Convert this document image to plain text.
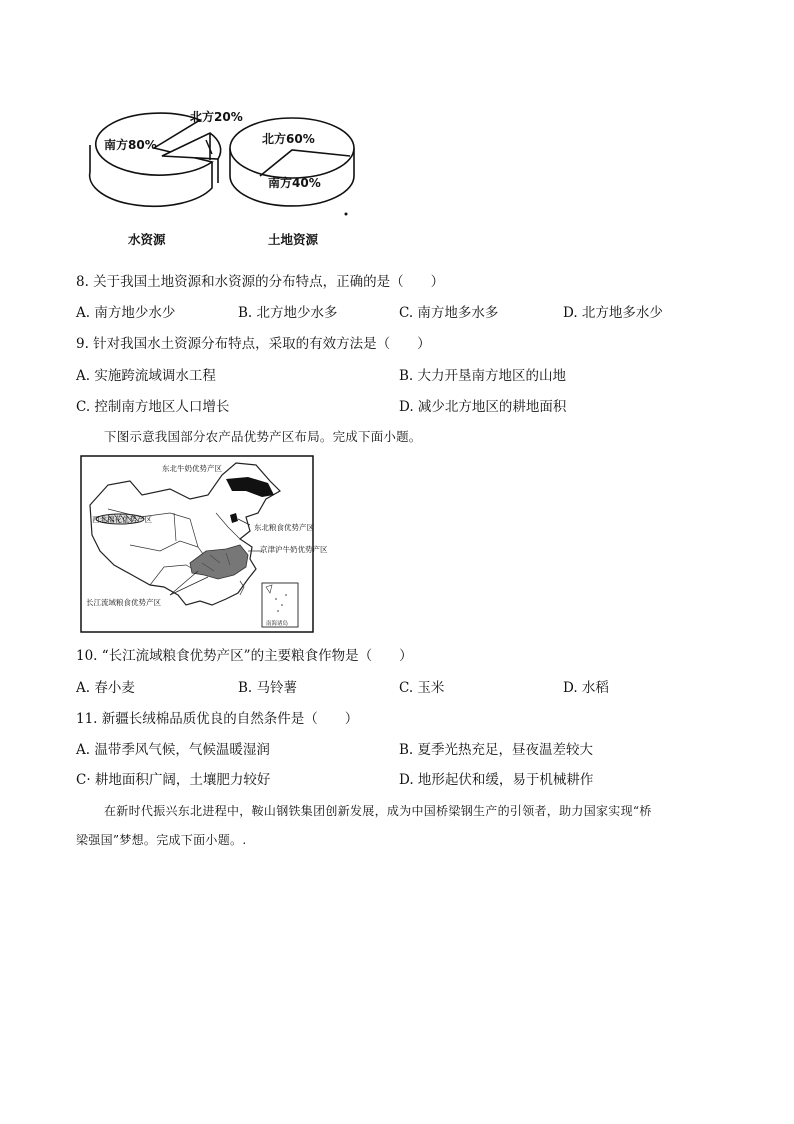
南方80%
北方20%
北方60%
南方40%
水资源	土地资源
8. 关于我国土地资源和水资源的分布特点，正确的是（　　）
A. 南方地少水少	B. 北方地少水多	C. 南方地多水多	D. 北方地多水少
9. 针对我国水土资源分布特点，采取的有效方法是（　　）
A. 实施跨流域调水工程	B. 大力开垦南方地区的山地
C. 控制南方地区人口增长	D. 减少北方地区的耕地面积
下图示意我国部分农产品优势产区布局。完成下面小题。
东北牛奶优势产区
西北棉花优势产区
东北粮食优势产区
京津沪牛奶优势产区
长江流域粮食优势产区
南海诸岛
10. “长江流域粮食优势产区”的主要粮食作物是（　　）
A. 春小麦	B. 马铃薯	C. 玉米	D. 水稻
11. 新疆长绒棉品质优良的自然条件是（　　）
A. 温带季风气候，气候温暖湿润	B. 夏季光热充足，昼夜温差较大
C· 耕地面积广阔，土壤肥力较好	D. 地形起伏和缓，易于机械耕作
在新时代振兴东北进程中，鞍山钢铁集团创新发展，成为中国桥梁钢生产的引领者，助力国家实现“桥
梁强国”梦想。完成下面小题。.
